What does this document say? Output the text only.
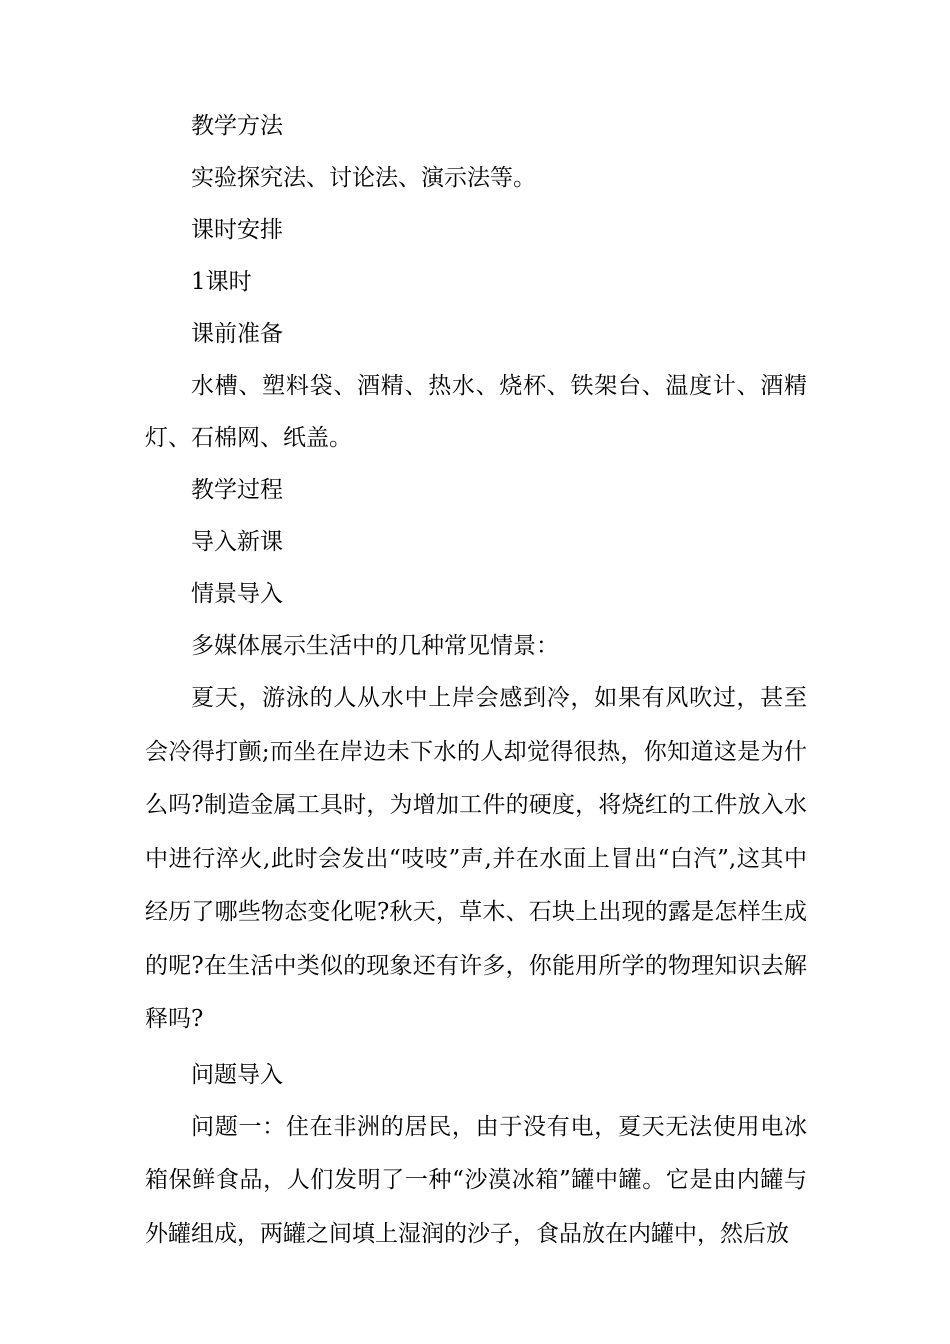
教学方法

实验探究法、讨论法、演示法等。

课时安排

1课时

课前准备

水槽、塑料袋、酒精、热水、烧杯、铁架台、温度计、酒精灯、石棉网、纸盖。

教学过程

导入新课

情景导入

多媒体展示生活中的几种常见情景：

夏天，游泳的人从水中上岸会感到冷，如果有风吹过，甚至会冷得打颤;而坐在岸边未下水的人却觉得很热，你知道这是为什么吗?制造金属工具时，为增加工件的硬度，将烧红的工件放入水中进行淬火,此时会发出“吱吱”声,并在水面上冒出“白汽”,这其中经历了哪些物态变化呢?秋天，草木、石块上出现的露是怎样生成的呢?在生活中类似的现象还有许多，你能用所学的物理知识去解释吗?

问题导入

问题一：住在非洲的居民，由于没有电，夏天无法使用电冰箱保鲜食品，人们发明了一种“沙漠冰箱”罐中罐。它是由内罐与外罐组成，两罐之间填上湿润的沙子，食品放在内罐中，然后放
